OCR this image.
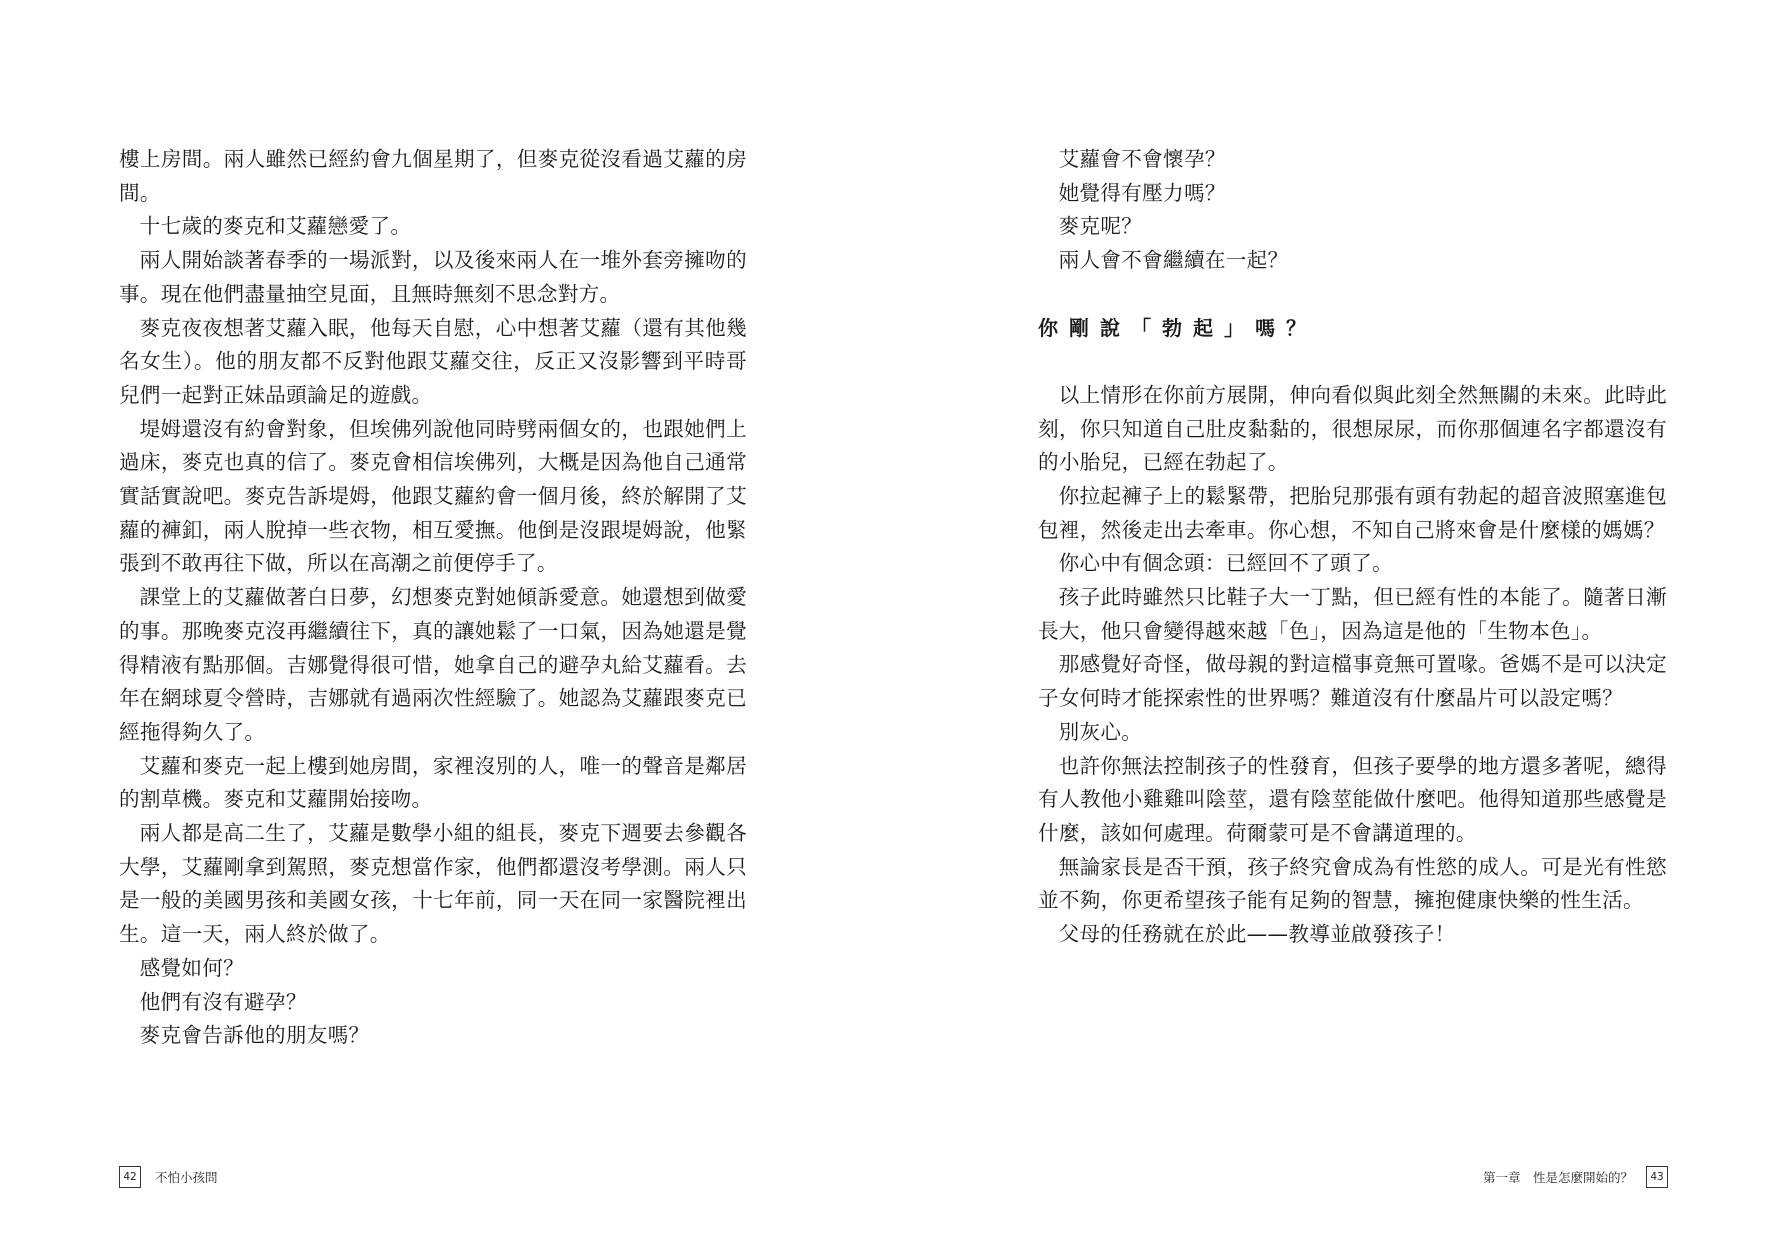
樓上房間。兩人雖然已經約會九個星期了，但麥克從沒看過艾蘿的房間。

十七歲的麥克和艾蘿戀愛了。

兩人開始談著春季的一場派對，以及後來兩人在一堆外套旁擁吻的事。現在他們盡量抽空見面，且無時無刻不思念對方。

麥克夜夜想著艾蘿入眠，他每天自慰，心中想著艾蘿（還有其他幾名女生）。他的朋友都不反對他跟艾蘿交往，反正又沒影響到平時哥兒們一起對正妹品頭論足的遊戲。

堤姆還沒有約會對象，但埃佛列說他同時劈兩個女的，也跟她們上過床，麥克也真的信了。麥克會相信埃佛列，大概是因為他自己通常實話實說吧。麥克告訴堤姆，他跟艾蘿約會一個月後，終於解開了艾蘿的褲釦，兩人脫掉一些衣物，相互愛撫。他倒是沒跟堤姆說，他緊張到不敢再往下做，所以在高潮之前便停手了。

課堂上的艾蘿做著白日夢，幻想麥克對她傾訴愛意。她還想到做愛的事。那晚麥克沒再繼續往下，真的讓她鬆了一口氣，因為她還是覺得精液有點那個。吉娜覺得很可惜，她拿自己的避孕丸給艾蘿看。去年在網球夏令營時，吉娜就有過兩次性經驗了。她認為艾蘿跟麥克已經拖得夠久了。

艾蘿和麥克一起上樓到她房間，家裡沒別的人，唯一的聲音是鄰居的割草機。麥克和艾蘿開始接吻。

兩人都是高二生了，艾蘿是數學小組的組長，麥克下週要去參觀各大學，艾蘿剛拿到駕照，麥克想當作家，他們都還沒考學測。兩人只是一般的美國男孩和美國女孩，十七年前，同一天在同一家醫院裡出生。這一天，兩人終於做了。

感覺如何？

他們有沒有避孕？

麥克會告訴他的朋友嗎？

42	不怕小孩問

艾蘿會不會懷孕？

她覺得有壓力嗎？

麥克呢？

兩人會不會繼續在一起？

你剛說「勃起」嗎？

以上情形在你前方展開，伸向看似與此刻全然無關的未來。此時此刻，你只知道自己肚皮黏黏的，很想尿尿，而你那個連名字都還沒有的小胎兒，已經在勃起了。

你拉起褲子上的鬆緊帶，把胎兒那張有頭有勃起的超音波照塞進包包裡，然後走出去牽車。你心想，不知自己將來會是什麼樣的媽媽？

你心中有個念頭：已經回不了頭了。

孩子此時雖然只比鞋子大一丁點，但已經有性的本能了。隨著日漸長大，他只會變得越來越「色」，因為這是他的「生物本色」。

那感覺好奇怪，做母親的對這檔事竟無可置喙。爸媽不是可以決定子女何時才能探索性的世界嗎？難道沒有什麼晶片可以設定嗎？

別灰心。

也許你無法控制孩子的性發育，但孩子要學的地方還多著呢，總得有人教他小雞雞叫陰莖，還有陰莖能做什麼吧。他得知道那些感覺是什麼，該如何處理。荷爾蒙可是不會講道理的。

無論家長是否干預，孩子終究會成為有性慾的成人。可是光有性慾並不夠，你更希望孩子能有足夠的智慧，擁抱健康快樂的性生活。

父母的任務就在於此——教導並啟發孩子！

第一章　性是怎麼開始的？	43
